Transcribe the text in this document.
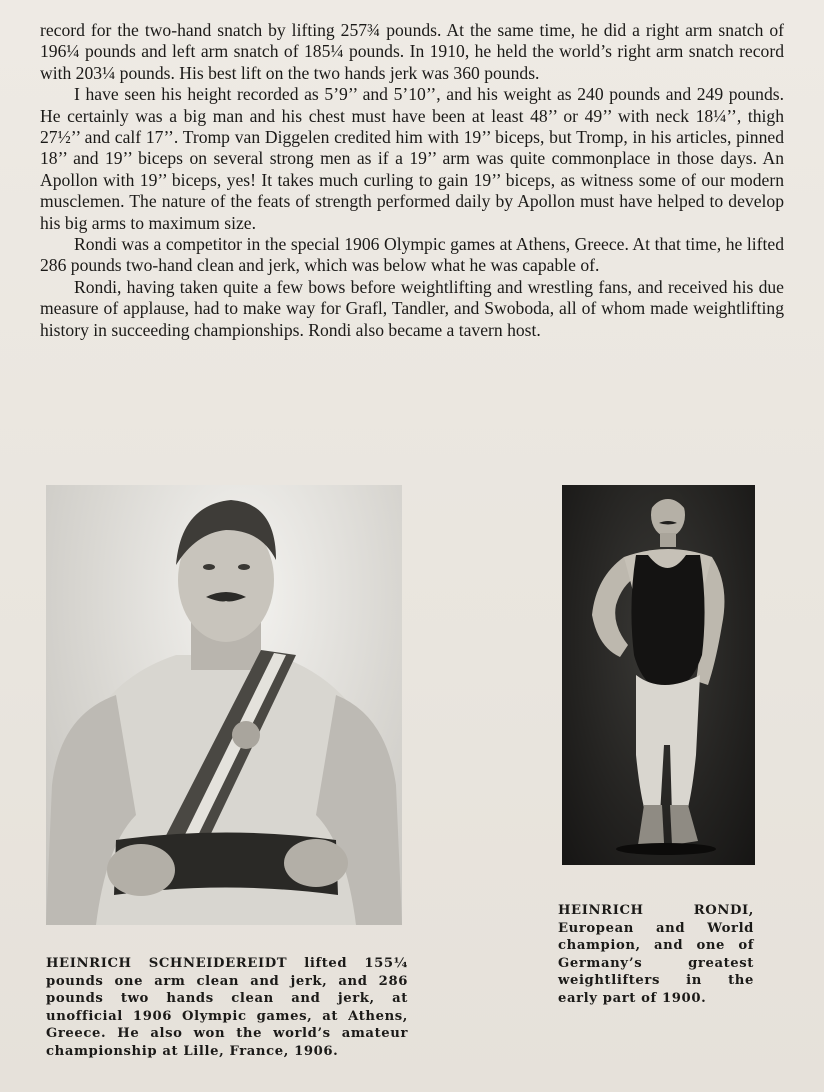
record for the two-hand snatch by lifting 257¾ pounds. At the same time, he did a right arm snatch of 196¼ pounds and left arm snatch of 185¼ pounds. In 1910, he held the world’s right arm snatch record with 203¼ pounds. His best lift on the two hands jerk was 360 pounds.

I have seen his height recorded as 5’9’’ and 5’10’’, and his weight as 240 pounds and 249 pounds. He certainly was a big man and his chest must have been at least 48’’ or 49’’ with neck 18¼’’, thigh 27½’’ and calf 17’’. Tromp van Diggelen credited him with 19’’ biceps, but Tromp, in his articles, pinned 18’’ and 19’’ biceps on several strong men as if a 19’’ arm was quite commonplace in those days. An Apollon with 19’’ biceps, yes! It takes much curling to gain 19’’ biceps, as witness some of our modern musclemen. The nature of the feats of strength performed daily by Apollon must have helped to develop his big arms to maximum size.

Rondi was a competitor in the special 1906 Olympic games at Athens, Greece. At that time, he lifted 286 pounds two-hand clean and jerk, which was below what he was capable of.

Rondi, having taken quite a few bows before weightlifting and wrestling fans, and received his due measure of applause, had to make way for Grafl, Tandler, and Swoboda, all of whom made weightlifting history in succeeding championships. Rondi also became a tavern host.

HEINRICH SCHNEIDEREIDT lifted 155¼ pounds one arm clean and jerk, and 286 pounds two hands clean and jerk, at unofficial 1906 Olympic games, at Athens, Greece. He also won the world’s amateur championship at Lille, France, 1906.
HEINRICH RONDI, European and World champion, and one of Germany’s greatest weightlifters in the early part of 1900.
